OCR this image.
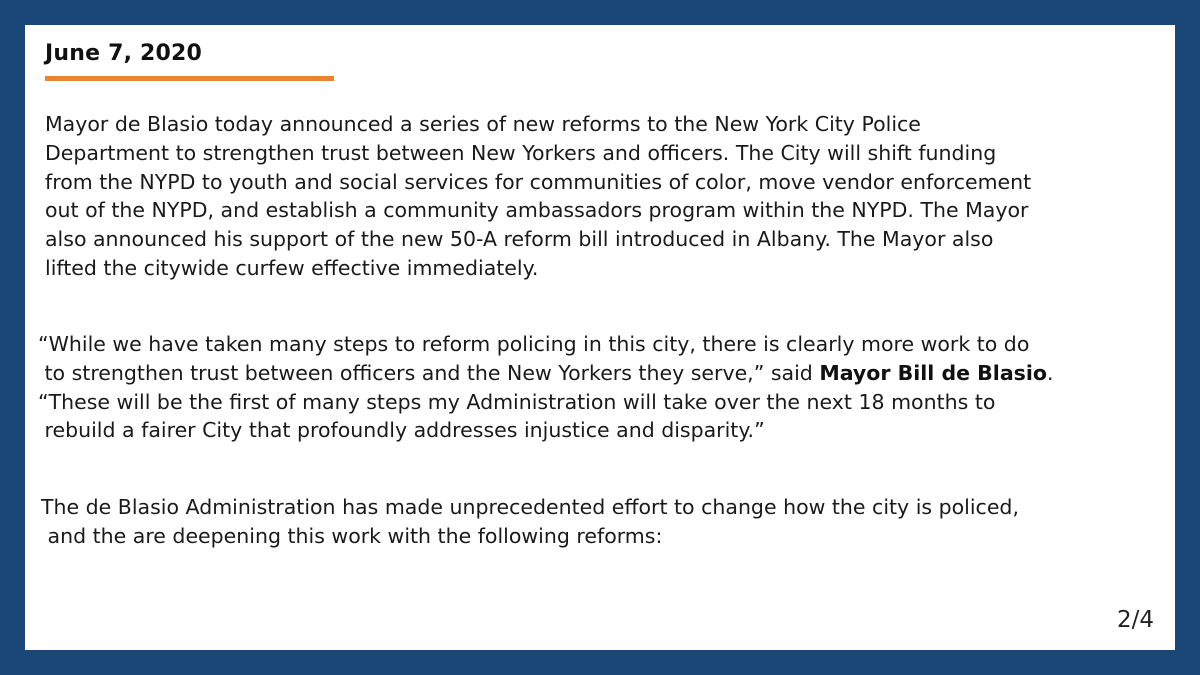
June 7, 2020

Mayor de Blasio today announced a series of new reforms to the New York City Police
Department to strengthen trust between New Yorkers and officers. The City will shift funding
from the NYPD to youth and social services for communities of color, move vendor enforcement
out of the NYPD, and establish a community ambassadors program within the NYPD. The Mayor
also announced his support of the new 50-A reform bill introduced in Albany. The Mayor also
lifted the citywide curfew effective immediately.

“While we have taken many steps to reform policing in this city, there is clearly more work to do
to strengthen trust between officers and the New Yorkers they serve,” said Mayor Bill de Blasio.
“These will be the first of many steps my Administration will take over the next 18 months to
rebuild a fairer City that profoundly addresses injustice and disparity.”

The de Blasio Administration has made unprecedented effort to change how the city is policed,
and the are deepening this work with the following reforms:

2/4
